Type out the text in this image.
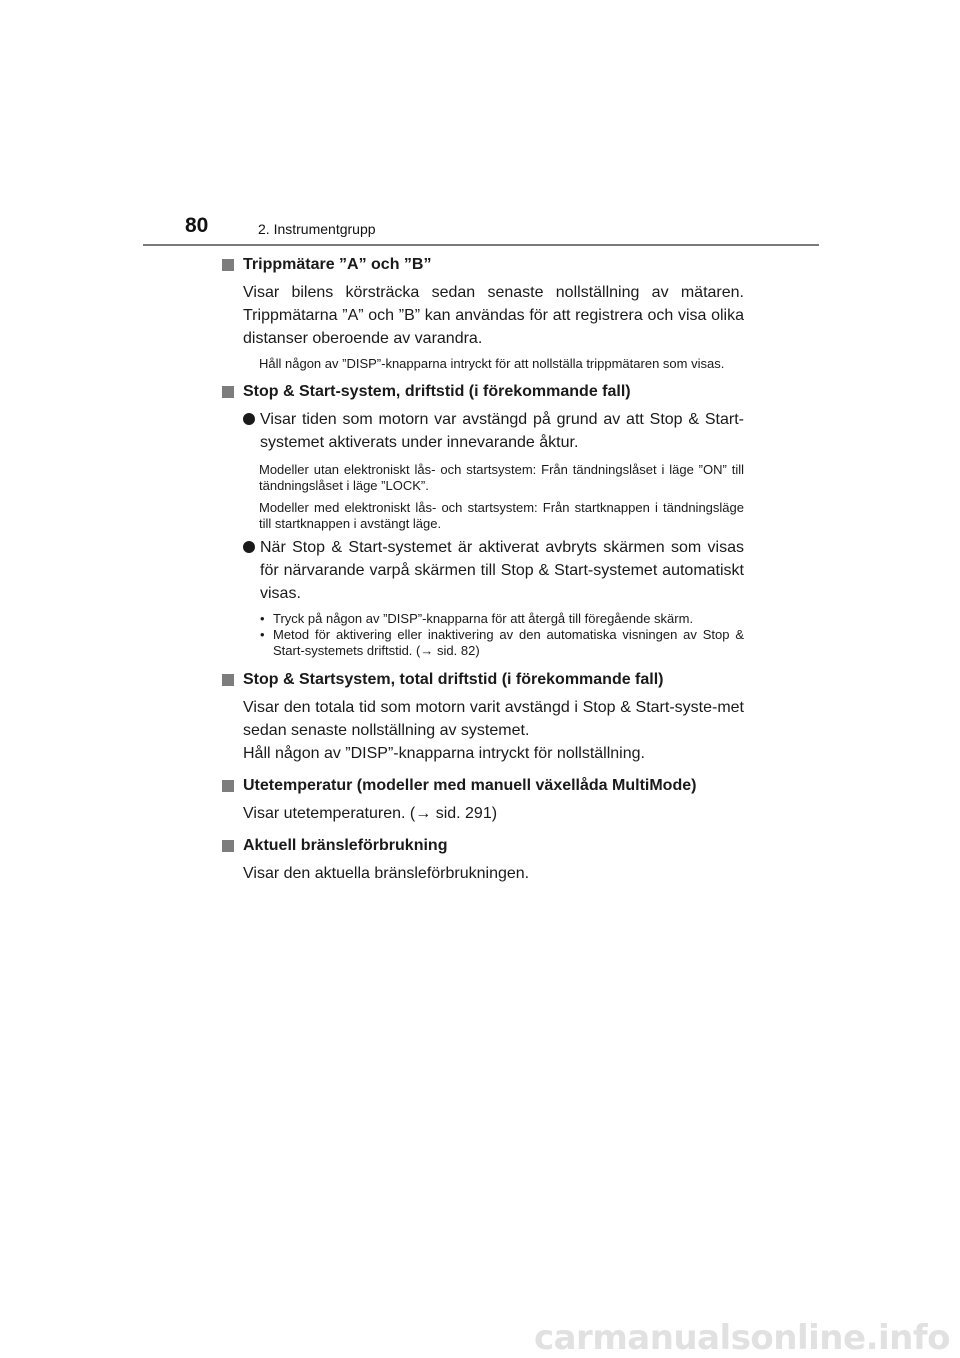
80	2. Instrumentgrupp
Trippmätare ”A” och ”B”
Visar bilens körsträcka sedan senaste nollställning av mätaren. Trippmätarna ”A” och ”B” kan användas för att registrera och visa olika distanser oberoende av varandra.
Håll någon av ”DISP”-knapparna intryckt för att nollställa trippmätaren som visas.
Stop & Start-system, driftstid (i förekommande fall)
Visar tiden som motorn var avstängd på grund av att Stop & Start-systemet aktiverats under innevarande åktur.
Modeller utan elektroniskt lås- och startsystem: Från tändningslåset i läge ”ON” till tändningslåset i läge ”LOCK”.
Modeller med elektroniskt lås- och startsystem: Från startknappen i tändningsläge till startknappen i avstängt läge.
När Stop & Start-systemet är aktiverat avbryts skärmen som visas för närvarande varpå skärmen till Stop & Start-systemet automatiskt visas.
• Tryck på någon av ”DISP”-knapparna för att återgå till föregående skärm.
• Metod för aktivering eller inaktivering av den automatiska visningen av Stop & Start-systemets driftstid. (→ sid. 82)
Stop & Startsystem, total driftstid (i förekommande fall)
Visar den totala tid som motorn varit avstängd i Stop & Start-syste-met sedan senaste nollställning av systemet.
Håll någon av ”DISP”-knapparna intryckt för nollställning.
Utetemperatur (modeller med manuell växellåda MultiMode)
Visar utetemperaturen. (→ sid. 291)
Aktuell bränsleförbrukning
Visar den aktuella bränsleförbrukningen.
carmanualsonline.info
